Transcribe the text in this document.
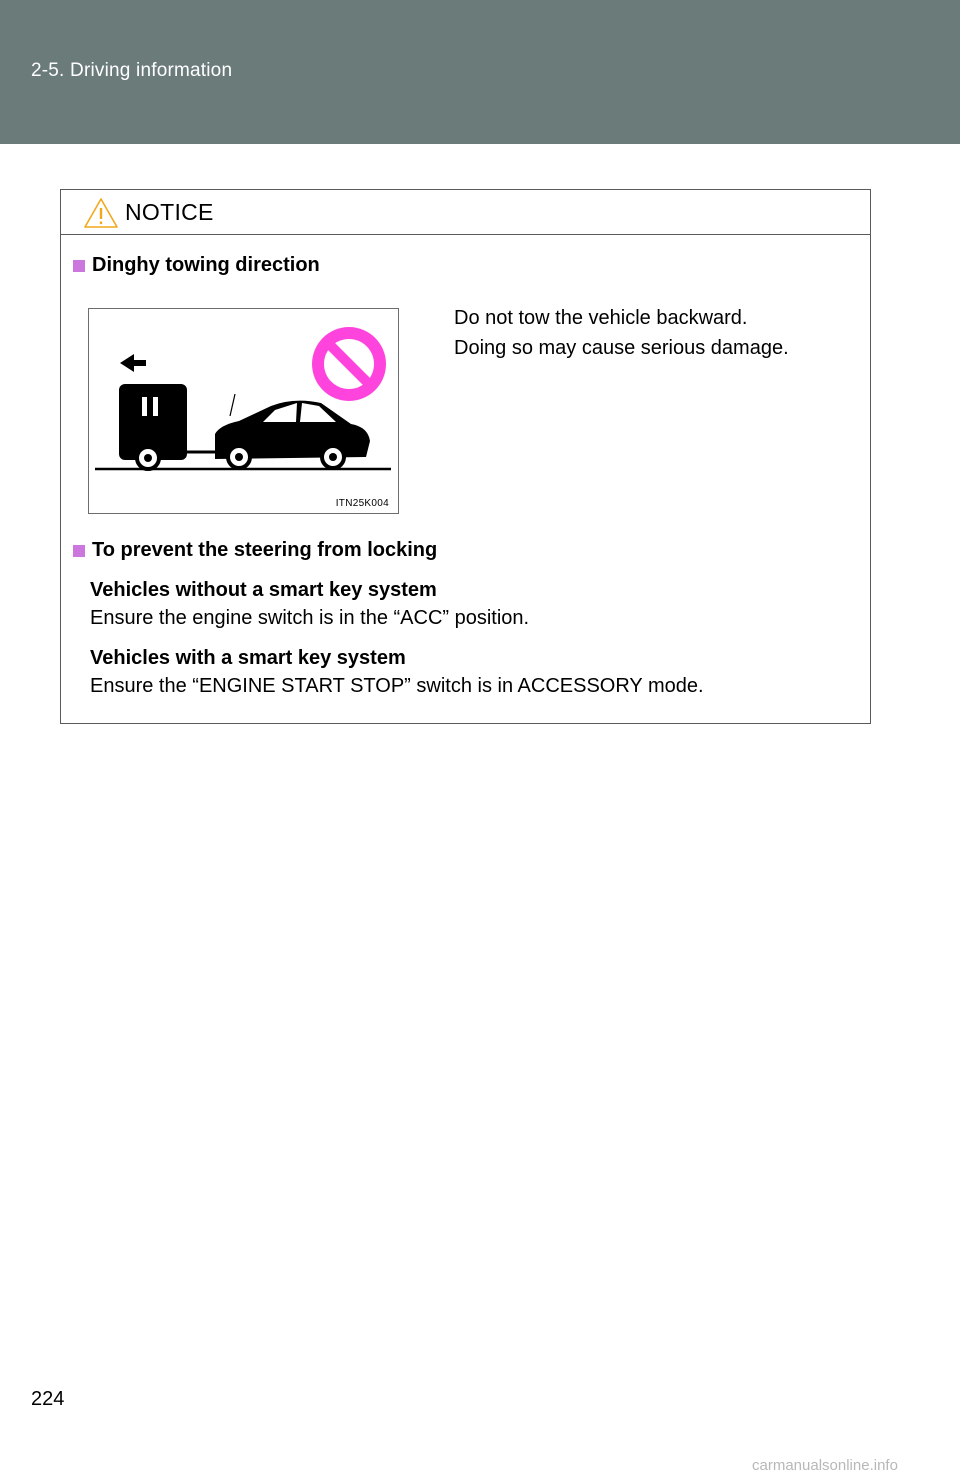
2-5. Driving information
NOTICE
Dinghy towing direction
ITN25K004
Do not tow the vehicle backward.
Doing so may cause serious damage.
To prevent the steering from locking
Vehicles without a smart key system
Ensure the engine switch is in the “ACC” position.
Vehicles with a smart key system
Ensure the “ENGINE START STOP” switch is in ACCESSORY mode.
224
carmanualsonline.info
